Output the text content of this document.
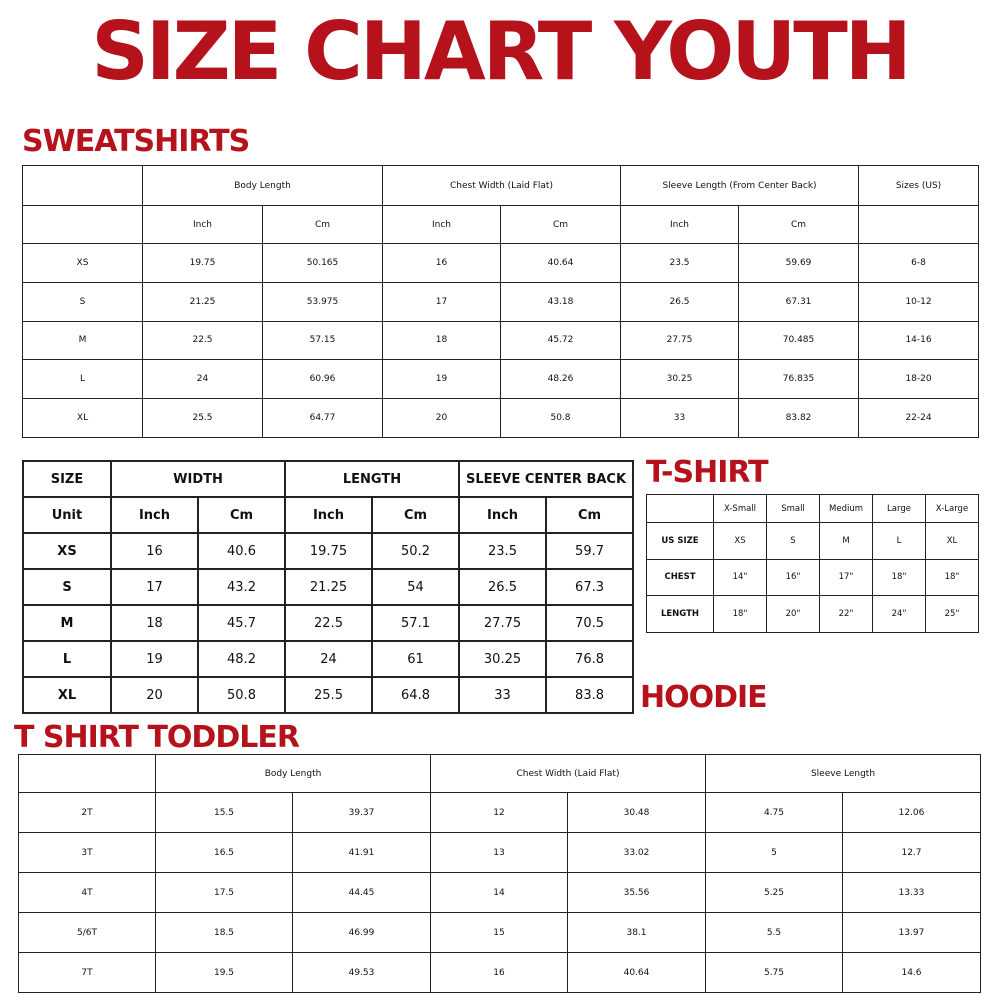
SIZE CHART YOUTH
SWEATSHIRTS
	Body Length		Chest Width (Laid Flat)		Sleeve Length (From Center Back)		Sizes (US)
	Inch	Cm	Inch	Cm	Inch	Cm	
XS	19.75	50.165	16	40.64	23.5	59.69	6-8
S	21.25	53.975	17	43.18	26.5	67.31	10-12
M	22.5	57.15	18	45.72	27.75	70.485	14-16
L	24	60.96	19	48.26	30.25	76.835	18-20
XL	25.5	64.77	20	50.8	33	83.82	22-24
SIZE	WIDTH		LENGTH		SLEEVE CENTER BACK	
Unit	Inch	Cm	Inch	Cm	Inch	Cm
XS	16	40.6	19.75	50.2	23.5	59.7
S	17	43.2	21.25	54	26.5	67.3
M	18	45.7	22.5	57.1	27.75	70.5
L	19	48.2	24	61	30.25	76.8
XL	20	50.8	25.5	64.8	33	83.8
T-SHIRT
	X-Small	Small	Medium	Large	X-Large
US SIZE	XS	S	M	L	XL
CHEST	14"	16"	17"	18"	18"
LENGTH	18"	20"	22"	24"	25"
HOODIE
T SHIRT TODDLER
	Body Length		Chest Width (Laid Flat)		Sleeve Length	
2T	15.5	39.37	12	30.48	4.75	12.06
3T	16.5	41.91	13	33.02	5	12.7
4T	17.5	44.45	14	35.56	5.25	13.33
5/6T	18.5	46.99	15	38.1	5.5	13.97
7T	19.5	49.53	16	40.64	5.75	14.6
